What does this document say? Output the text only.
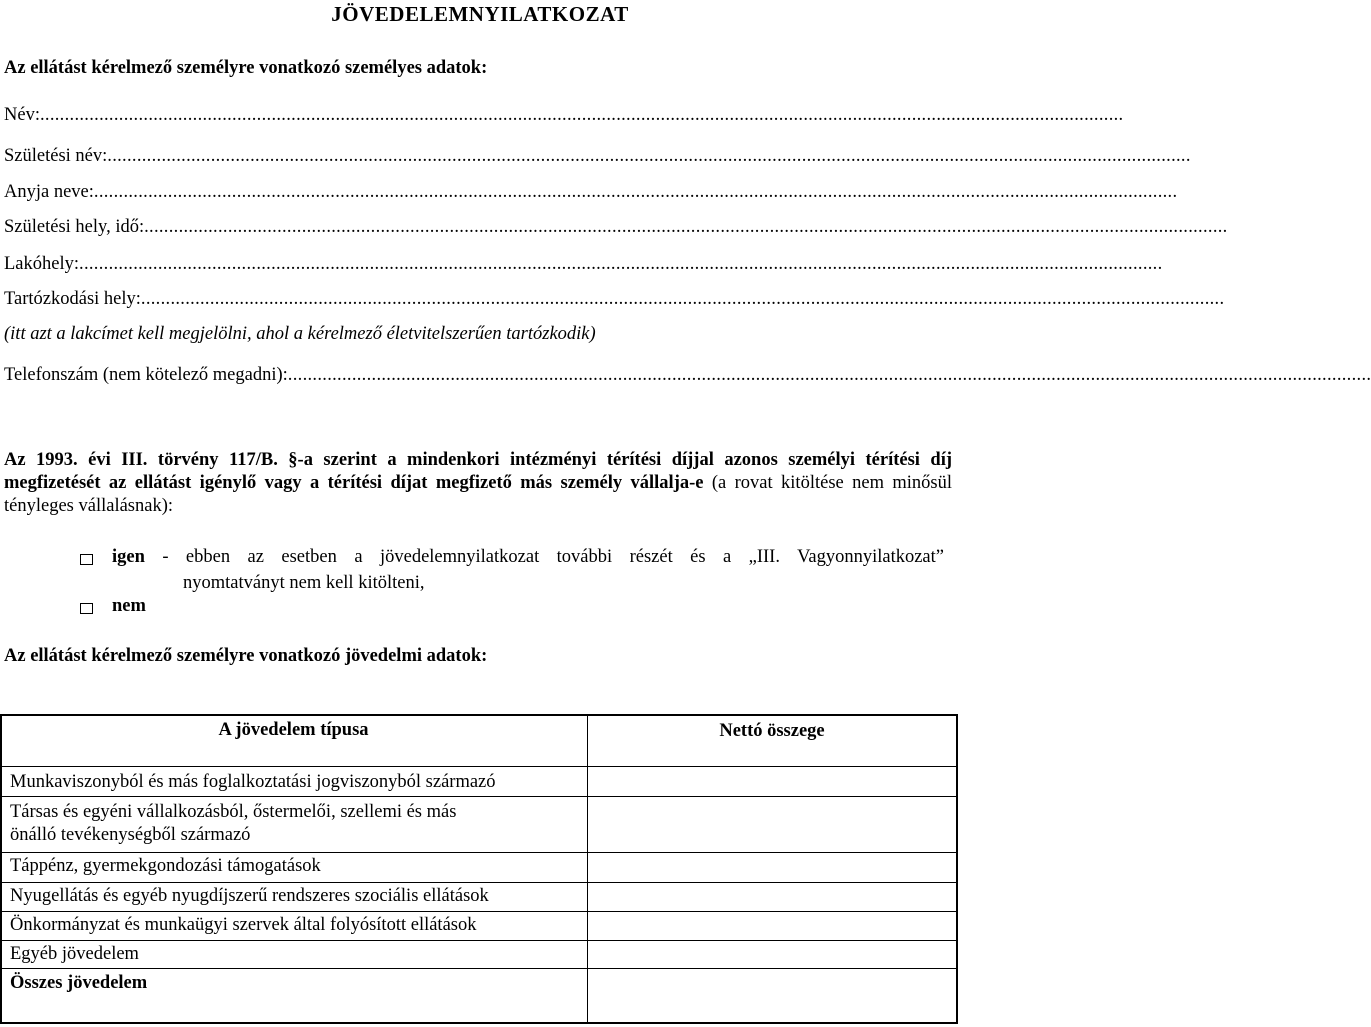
JÖVEDELEMNYILATKOZAT
Az ellátást kérelmező személyre vonatkozó személyes adatok:
Név: ............................................................................................................................................................................................................................
Születési név: ............................................................................................................................................................................................................................
Anyja neve: ............................................................................................................................................................................................................................
Születési hely, idő: ............................................................................................................................................................................................................................
Lakóhely: ............................................................................................................................................................................................................................
Tartózkodási hely: ............................................................................................................................................................................................................................
(itt azt a lakcímet kell megjelölni, ahol a kérelmező életvitelszerűen tartózkodik)
Telefonszám (nem kötelező megadni): ............................................................................................................................................................................................................................
Az 1993. évi III. törvény 117/B. §-a szerint a mindenkori intézményi térítési díjjal azonos személyi térítési díj megfizetését az ellátást igénylő vagy a térítési díjat megfizető más személy vállalja-e (a rovat kitöltése nem minősül tényleges vállalásnak):
igen - ebben az esetben a jövedelemnyilatkozat további részét és a „III. Vagyonnyilatkozat”
nyomtatványt nem kell kitölteni,
nem
Az ellátást kérelmező személyre vonatkozó jövedelmi adatok:
A jövedelem típusa	Nettó összege
Munkaviszonyból és más foglalkoztatási jogviszonyból származó
Társas és egyéni vállalkozásból, őstermelői, szellemi és más
önálló tevékenységből származó
Táppénz, gyermekgondozási támogatások
Nyugellátás és egyéb nyugdíjszerű rendszeres szociális ellátások
Önkormányzat és munkaügyi szervek által folyósított ellátások
Egyéb jövedelem
Összes jövedelem
